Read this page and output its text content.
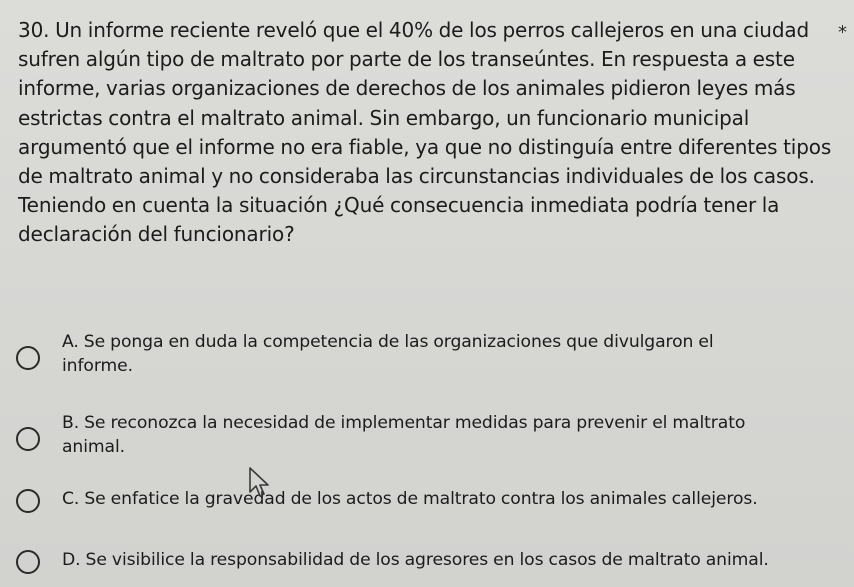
30. Un informe reciente reveló que el 40% de los perros callejeros en una ciudad
sufren algún tipo de maltrato por parte de los transeúntes. En respuesta a este
informe, varias organizaciones de derechos de los animales pidieron leyes más
estrictas contra el maltrato animal. Sin embargo, un funcionario municipal
argumentó que el informe no era fiable, ya que no distinguía entre diferentes tipos
de maltrato animal y no consideraba las circunstancias individuales de los casos.
Teniendo en cuenta la situación ¿Qué consecuencia inmediata podría tener la
declaración del funcionario?
*
A. Se ponga en duda la competencia de las organizaciones que divulgaron el
informe.
B. Se reconozca la necesidad de implementar medidas para prevenir el maltrato
animal.
C. Se enfatice la gravedad de los actos de maltrato contra los animales callejeros.
D. Se visibilice la responsabilidad de los agresores en los casos de maltrato animal.
